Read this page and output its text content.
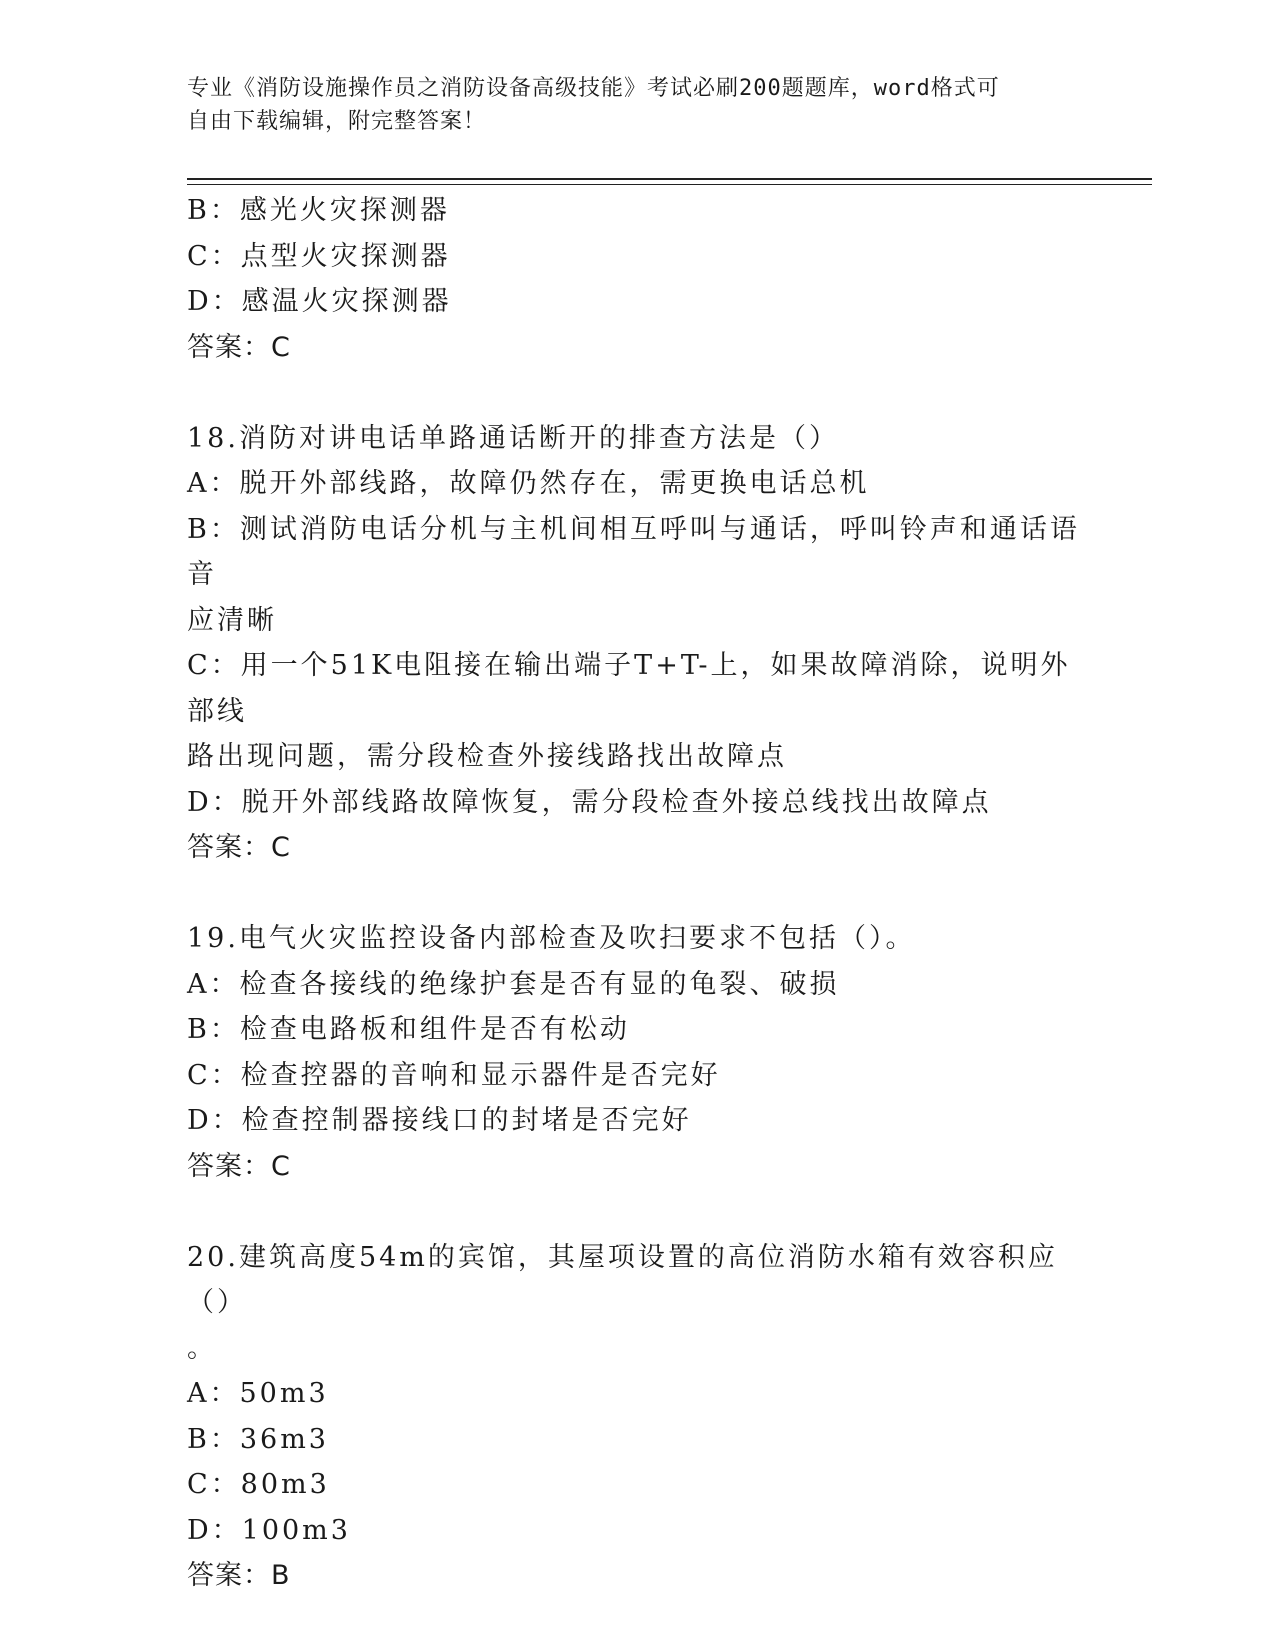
专业《消防设施操作员之消防设备高级技能》考试必刷200题题库，word格式可
自由下载编辑，附完整答案！
B：感光火灾探测器
C：点型火灾探测器
D：感温火灾探测器
答案：C
18.消防对讲电话单路通话断开的排查方法是（）
A：脱开外部线路，故障仍然存在，需更换电话总机
B：测试消防电话分机与主机间相互呼叫与通话，呼叫铃声和通话语音
应清晰
C：用一个51K电阻接在输出端子T+T-上，如果故障消除，说明外部线
路出现问题，需分段检查外接线路找出故障点
D：脱开外部线路故障恢复，需分段检查外接总线找出故障点
答案：C
19.电气火灾监控设备内部检查及吹扫要求不包括（）。
A：检查各接线的绝缘护套是否有显的龟裂、破损
B：检查电路板和组件是否有松动
C：检查控器的音响和显示器件是否完好
D：检查控制器接线口的封堵是否完好
答案：C
20.建筑高度54m的宾馆，其屋项设置的高位消防水箱有效容积应（）
。
A：50m3
B：36m3
C：80m3
D：100m3
答案：B
